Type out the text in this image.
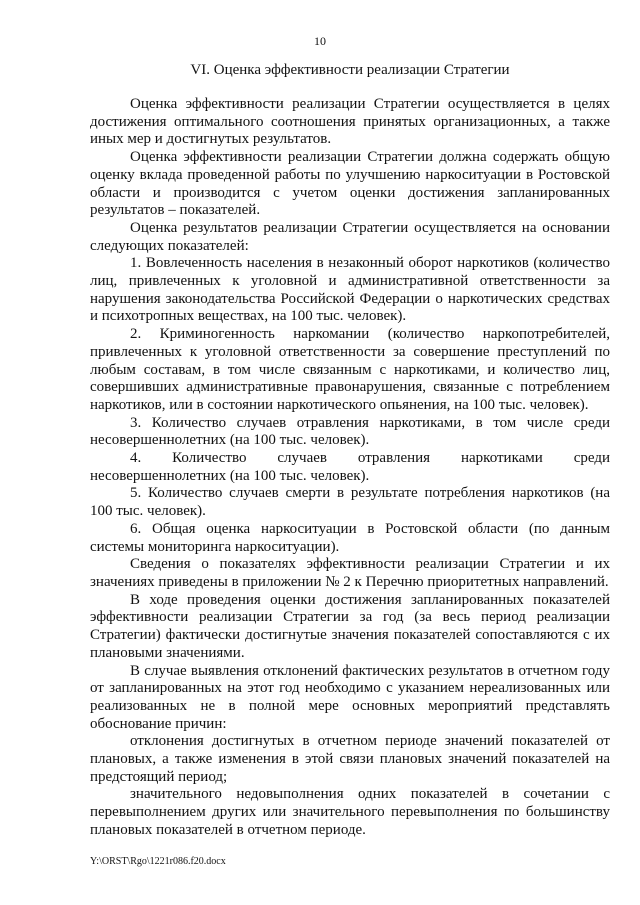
10
VI. Оценка эффективности реализации Стратегии

Оценка эффективности реализации Стратегии осуществляется в целях достижения оптимального соотношения принятых организационных, а также иных мер и достигнутых результатов.

Оценка эффективности реализации Стратегии должна содержать общую оценку вклада проведенной работы по улучшению наркоситуации в Ростовской области и производится с учетом оценки достижения запланированных результатов – показателей.

Оценка результатов реализации Стратегии осуществляется на основании следующих показателей:

1. Вовлеченность населения в незаконный оборот наркотиков (количество лиц, привлеченных к уголовной и административной ответственности за нарушения законодательства Российской Федерации о наркотических средствах и психотропных веществах, на 100 тыс. человек).

2. Криминогенность наркомании (количество наркопотребителей, привлеченных к уголовной ответственности за совершение преступлений по любым составам, в том числе связанным с наркотиками, и количество лиц, совершивших административные правонарушения, связанные с потреблением наркотиков, или в состоянии наркотического опьянения, на 100 тыс. человек).

3. Количество случаев отравления наркотиками, в том числе среди несовершеннолетних (на 100 тыс. человек).

4. Количество случаев отравления наркотиками среди несовершеннолетних (на 100 тыс. человек).

5. Количество случаев смерти в результате потребления наркотиков (на 100 тыс. человек).

6. Общая оценка наркоситуации в Ростовской области (по данным системы мониторинга наркоситуации).

Сведения о показателях эффективности реализации Стратегии и их значениях приведены в приложении № 2 к Перечню приоритетных направлений.

В ходе проведения оценки достижения запланированных показателей эффективности реализации Стратегии за год (за весь период реализации Стратегии) фактически достигнутые значения показателей сопоставляются с их плановыми значениями.

В случае выявления отклонений фактических результатов в отчетном году от запланированных на этот год необходимо с указанием нереализованных или реализованных не в полной мере основных мероприятий представлять обоснование причин:

отклонения достигнутых в отчетном периоде значений показателей от плановых, а также изменения в этой связи плановых значений показателей на предстоящий период;

значительного недовыполнения одних показателей в сочетании с перевыполнением других или значительного перевыполнения по большинству плановых показателей в отчетном периоде.

Y:\ORST\Rgo\1221r086.f20.docx
